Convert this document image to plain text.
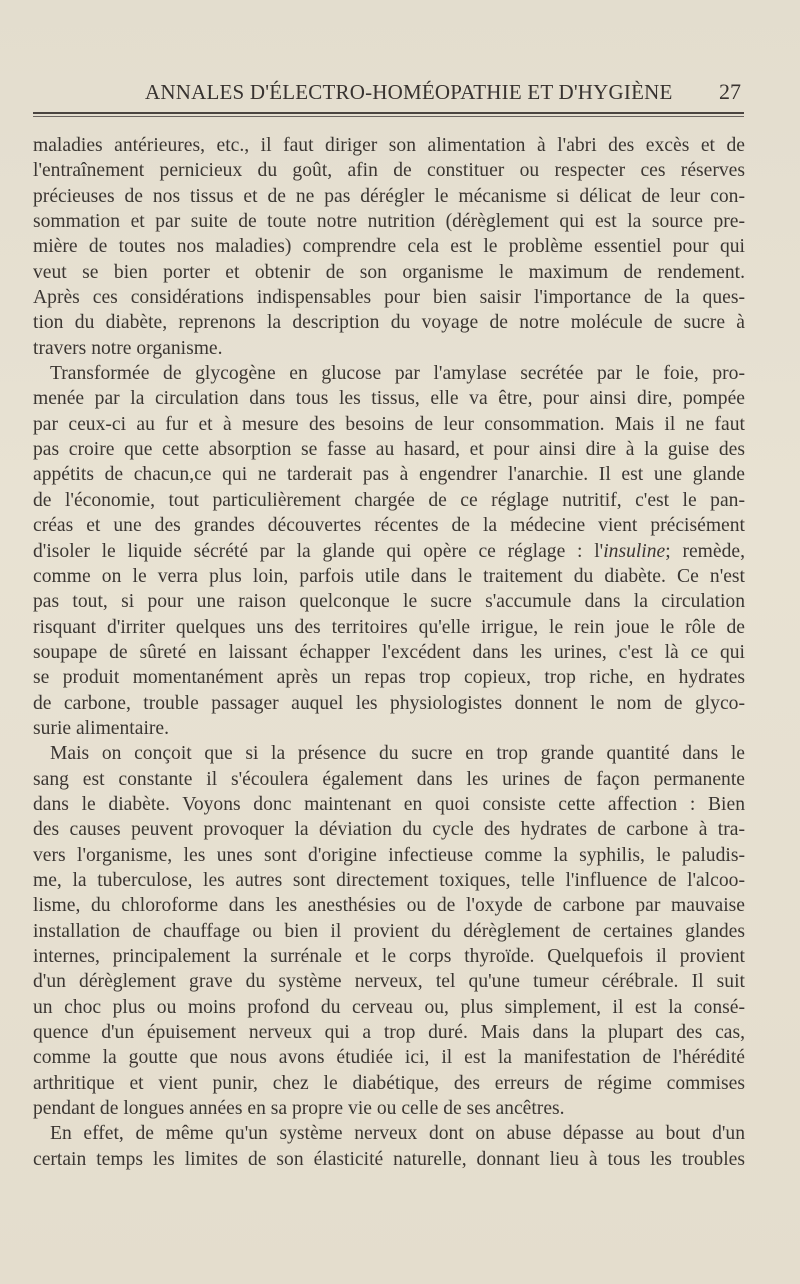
ANNALES D'ÉLECTRO-HOMÉOPATHIE ET D'HYGIÈNE 27
maladies antérieures, etc., il faut diriger son alimentation à l'abri des excès et de
l'entraînement pernicieux du goût, afin de constituer ou respecter ces réserves
précieuses de nos tissus et de ne pas dérégler le mécanisme si délicat de leur con-
sommation et par suite de toute notre nutrition (dérèglement qui est la source pre-
mière de toutes nos maladies) comprendre cela est le problème essentiel pour qui
veut se bien porter et obtenir de son organisme le maximum de rendement.
Après ces considérations indispensables pour bien saisir l'importance de la ques-
tion du diabète, reprenons la description du voyage de notre molécule de sucre à
travers notre organisme.
Transformée de glycogène en glucose par l'amylase secrétée par le foie, pro-
menée par la circulation dans tous les tissus, elle va être, pour ainsi dire, pompée
par ceux-ci au fur et à mesure des besoins de leur consommation. Mais il ne faut
pas croire que cette absorption se fasse au hasard, et pour ainsi dire à la guise des
appétits de chacun,ce qui ne tarderait pas à engendrer l'anarchie. Il est une glande
de l'économie, tout particulièrement chargée de ce réglage nutritif, c'est le pan-
créas et une des grandes découvertes récentes de la médecine vient précisément
d'isoler le liquide sécrété par la glande qui opère ce réglage : l'insuline; remède,
comme on le verra plus loin, parfois utile dans le traitement du diabète. Ce n'est
pas tout, si pour une raison quelconque le sucre s'accumule dans la circulation
risquant d'irriter quelques uns des territoires qu'elle irrigue, le rein joue le rôle de
soupape de sûreté en laissant échapper l'excédent dans les urines, c'est là ce qui
se produit momentanément après un repas trop copieux, trop riche, en hydrates
de carbone, trouble passager auquel les physiologistes donnent le nom de glyco-
surie alimentaire.
Mais on conçoit que si la présence du sucre en trop grande quantité dans le
sang est constante il s'écoulera également dans les urines de façon permanente
dans le diabète. Voyons donc maintenant en quoi consiste cette affection : Bien
des causes peuvent provoquer la déviation du cycle des hydrates de carbone à tra-
vers l'organisme, les unes sont d'origine infectieuse comme la syphilis, le paludis-
me, la tuberculose, les autres sont directement toxiques, telle l'influence de l'alcoo-
lisme, du chloroforme dans les anesthésies ou de l'oxyde de carbone par mauvaise
installation de chauffage ou bien il provient du dérèglement de certaines glandes
internes, principalement la surrénale et le corps thyroïde. Quelquefois il provient
d'un dérèglement grave du système nerveux, tel qu'une tumeur cérébrale. Il suit
un choc plus ou moins profond du cerveau ou, plus simplement, il est la consé-
quence d'un épuisement nerveux qui a trop duré. Mais dans la plupart des cas,
comme la goutte que nous avons étudiée ici, il est la manifestation de l'hérédité
arthritique et vient punir, chez le diabétique, des erreurs de régime commises
pendant de longues années en sa propre vie ou celle de ses ancêtres.
En effet, de même qu'un système nerveux dont on abuse dépasse au bout d'un
certain temps les limites de son élasticité naturelle, donnant lieu à tous les troubles
